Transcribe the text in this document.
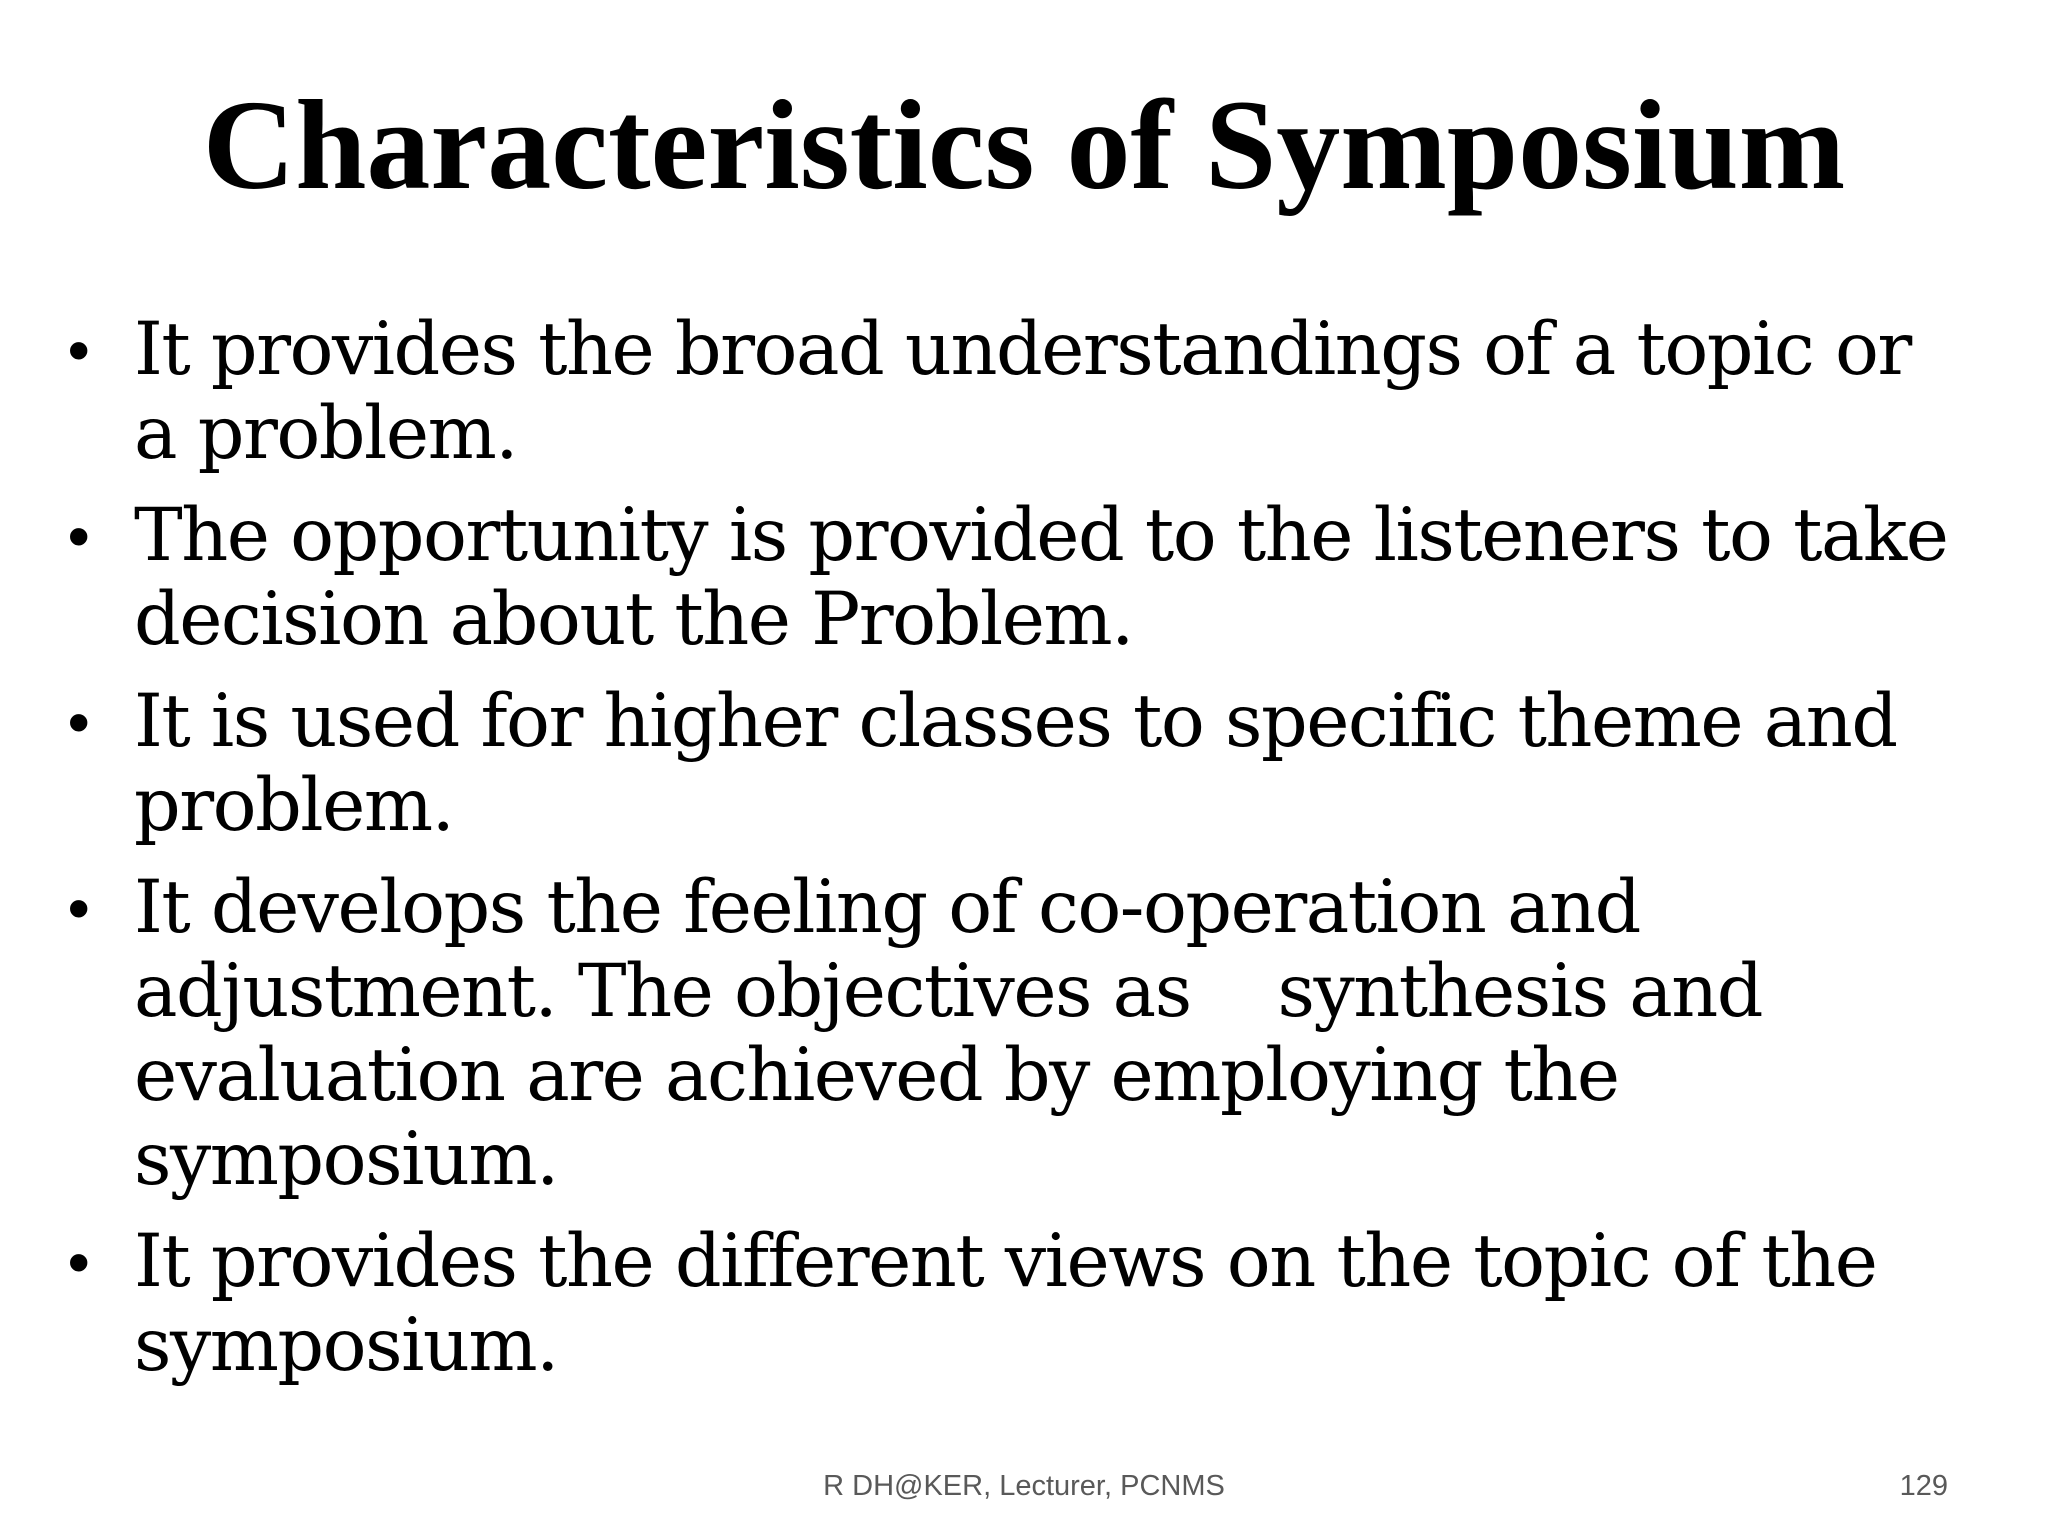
Characteristics of Symposium
• It provides the broad understandings of a topic or
a problem.
• The opportunity is provided to the listeners to take
decision about the Problem.
• It is used for higher classes to specific theme and
problem.
• It develops the feeling of co-operation and
adjustment. The objectives as    synthesis and
evaluation are achieved by employing the
symposium.
• It provides the different views on the topic of the
symposium.
R DH@KER, Lecturer, PCNMS	129
